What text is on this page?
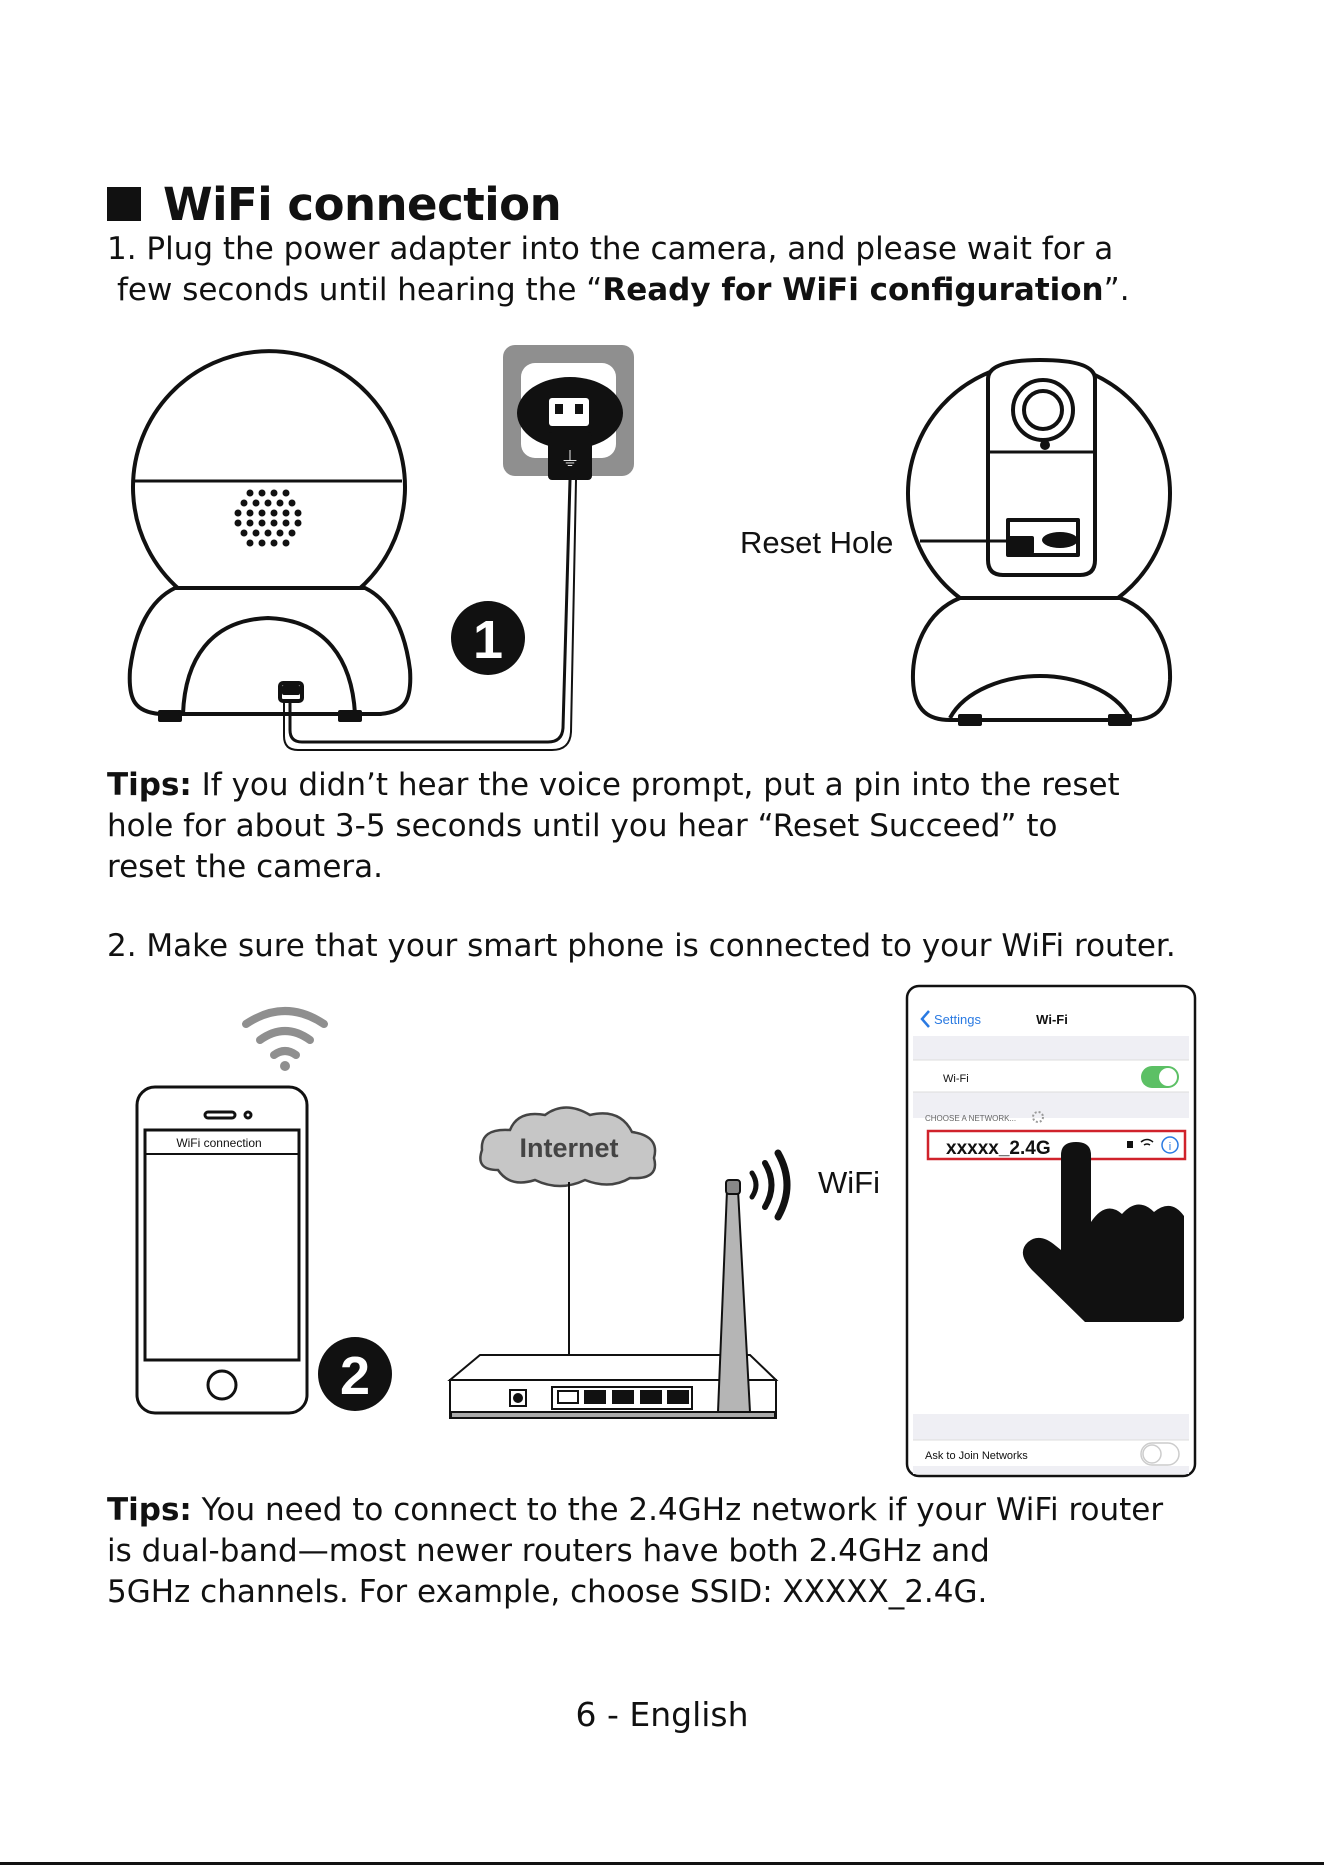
WiFi connection
1. Plug the power adapter into the camera, and please wait for a
few seconds until hearing the “Ready for WiFi configuration”.
⏚
1
Reset Hole
Tips: If you didn’t hear the voice prompt, put a pin into the reset
hole for about 3-5 seconds until you hear “Reset Succeed” to
reset the camera.
2. Make sure that your smart phone is connected to your WiFi router.
WiFi connection
2
Internet
WiFi
i
Settings	Wi-Fi
Wi-Fi
CHOOSE A NETWORK...
xxxxx_2.4G
Ask to Join Networks
Tips: You need to connect to the 2.4GHz network if your WiFi router
is dual-band—most newer routers have both 2.4GHz and
5GHz channels. For example, choose SSID: XXXXX_2.4G.
6 - English
